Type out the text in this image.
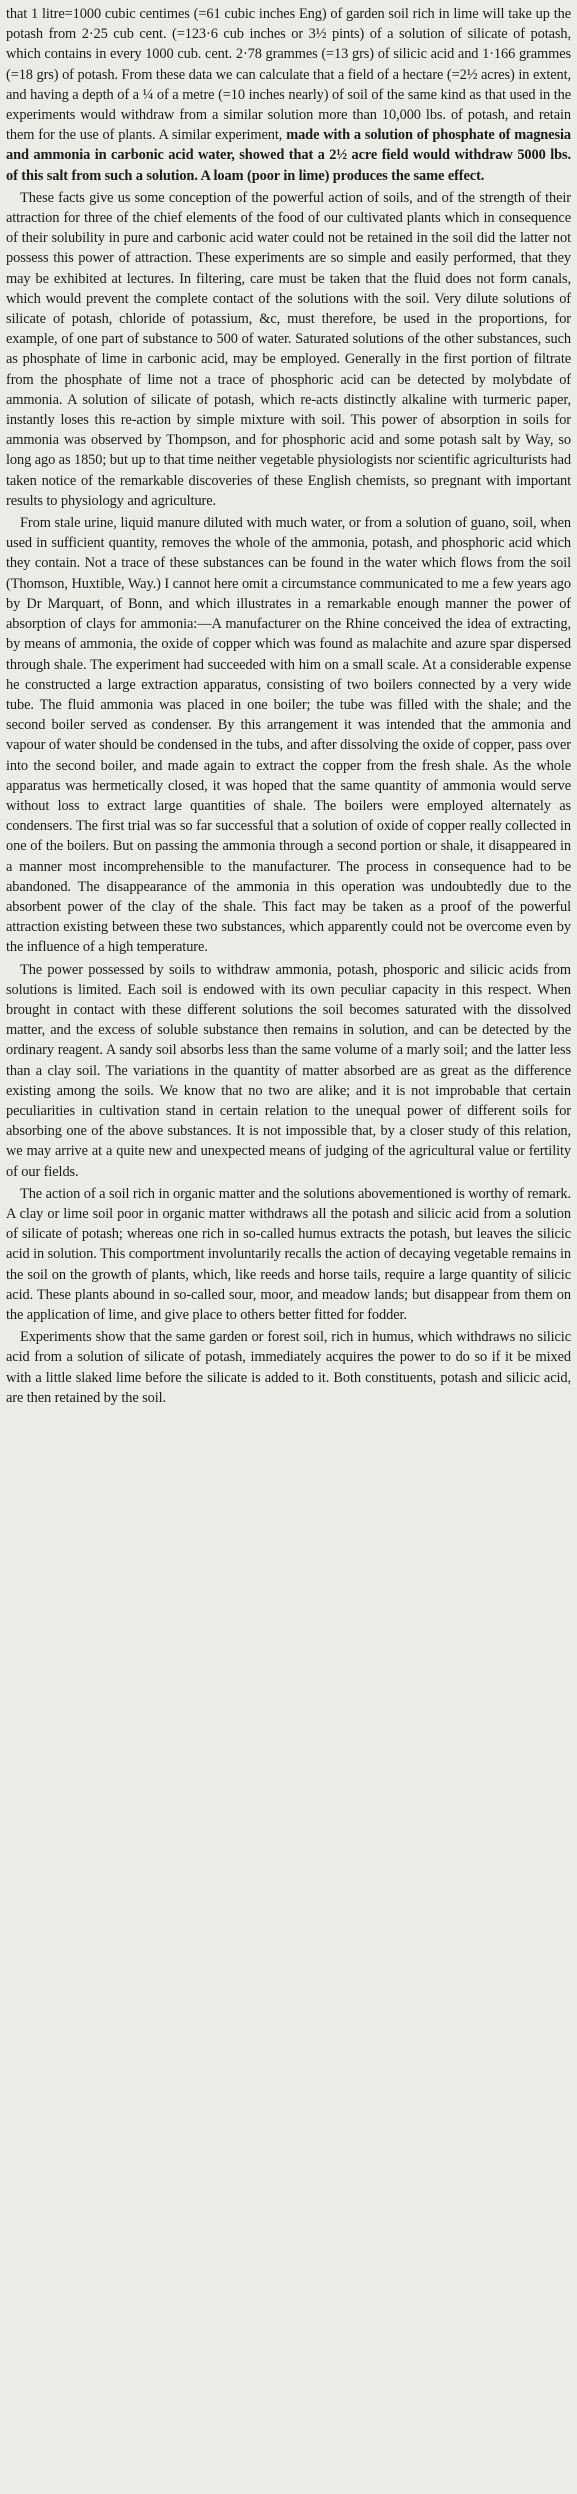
that 1 litre=1000 cubic centimes (=61 cubic inches Eng) of garden soil rich in lime will take up the potash from 2·25 cub cent. (=123·6 cub inches or 3½ pints) of a solution of silicate of potash, which contains in every 1000 cub. cent. 2·78 grammes (=13 grs) of silicic acid and 1·166 grammes (=18 grs) of potash. From these data we can calculate that a field of a hectare (=2½ acres) in extent, and having a depth of a ¼ of a metre (=10 inches nearly) of soil of the same kind as that used in the experiments would withdraw from a similar solution more than 10,000 lbs. of potash, and retain them for the use of plants. A similar experiment, made with a solution of phosphate of magnesia and ammonia in carbonic acid water, showed that a 2½ acre field would withdraw 5000 lbs. of this salt from such a solution. A loam (poor in lime) produces the same effect.

These facts give us some conception of the powerful action of soils, and of the strength of their attraction for three of the chief elements of the food of our cultivated plants which in consequence of their solubility in pure and carbonic acid water could not be retained in the soil did the latter not possess this power of attraction. These experiments are so simple and easily performed, that they may be exhibited at lectures. In filtering, care must be taken that the fluid does not form canals, which would prevent the complete contact of the solutions with the soil. Very dilute solutions of silicate of potash, chloride of potassium, &c, must therefore, be used in the proportions, for example, of one part of substance to 500 of water. Saturated solutions of the other substances, such as phosphate of lime in carbonic acid, may be employed. Generally in the first portion of filtrate from the phosphate of lime not a trace of phosphoric acid can be detected by molybdate of ammonia. A solution of silicate of potash, which re-acts distinctly alkaline with turmeric paper, instantly loses this re-action by simple mixture with soil. This power of absorption in soils for ammonia was observed by Thompson, and for phosphoric acid and some potash salt by Way, so long ago as 1850; but up to that time neither vegetable physiologists nor scientific agriculturists had taken notice of the remarkable discoveries of these English chemists, so pregnant with important results to physiology and agriculture.

From stale urine, liquid manure diluted with much water, or from a solution of guano, soil, when used in sufficient quantity, removes the whole of the ammonia, potash, and phosphoric acid which they contain. Not a trace of these substances can be found in the water which flows from the soil (Thomson, Huxtible, Way.) I cannot here omit a circumstance communicated to me a few years ago by Dr Marquart, of Bonn, and which illustrates in a remarkable enough manner the power of absorption of clays for ammonia:—A manufacturer on the Rhine conceived the idea of extracting, by means of ammonia, the oxide of copper which was found as malachite and azure spar dispersed through shale. The experiment had succeeded with him on a small scale. At a considerable expense he constructed a large extraction apparatus, consisting of two boilers connected by a very wide tube. The fluid ammonia was placed in one boiler; the tube was filled with the shale; and the second boiler served as condenser. By this arrangement it was intended that the ammonia and vapour of water should be condensed in the tubs, and after dissolving the oxide of copper, pass over into the second boiler, and made again to extract the copper from the fresh shale. As the whole apparatus was hermetically closed, it was hoped that the same quantity of ammonia would serve without loss to extract large quantities of shale. The boilers were employed alternately as condensers. The first trial was so far successful that a solution of oxide of copper really collected in one of the boilers. But on passing the ammonia through a second portion or shale, it disappeared in a manner most incomprehensible to the manufacturer. The process in consequence had to be abandoned. The disappearance of the ammonia in this operation was undoubtedly due to the absorbent power of the clay of the shale. This fact may be taken as a proof of the powerful attraction existing between these two substances, which apparently could not be overcome even by the influence of a high temperature.

The power possessed by soils to withdraw ammonia, potash, phosporic and silicic acids from solutions is limited. Each soil is endowed with its own peculiar capacity in this respect. When brought in contact with these different solutions the soil becomes saturated with the dissolved matter, and the excess of soluble substance then remains in solution, and can be detected by the ordinary reagent. A sandy soil absorbs less than the same volume of a marly soil; and the latter less than a clay soil. The variations in the quantity of matter absorbed are as great as the difference existing among the soils. We know that no two are alike; and it is not improbable that certain peculiarities in cultivation stand in certain relation to the unequal power of different soils for absorbing one of the above substances. It is not impossible that, by a closer study of this relation, we may arrive at a quite new and unexpected means of judging of the agricultural value or fertility of our fields.

The action of a soil rich in organic matter and the solutions abovementioned is worthy of remark. A clay or lime soil poor in organic matter withdraws all the potash and silicic acid from a solution of silicate of potash; whereas one rich in so-called humus extracts the potash, but leaves the silicic acid in solution. This comportment involuntarily recalls the action of decaying vegetable remains in the soil on the growth of plants, which, like reeds and horse tails, require a large quantity of silicic acid. These plants abound in so-called sour, moor, and meadow lands; but disappear from them on the application of lime, and give place to others better fitted for fodder.

Experiments show that the same garden or forest soil, rich in humus, which withdraws no silicic acid from a solution of silicate of potash, immediately acquires the power to do so if it be mixed with a little slaked lime before the silicate is added to it. Both constituents, potash and silicic acid, are then retained by the soil.
